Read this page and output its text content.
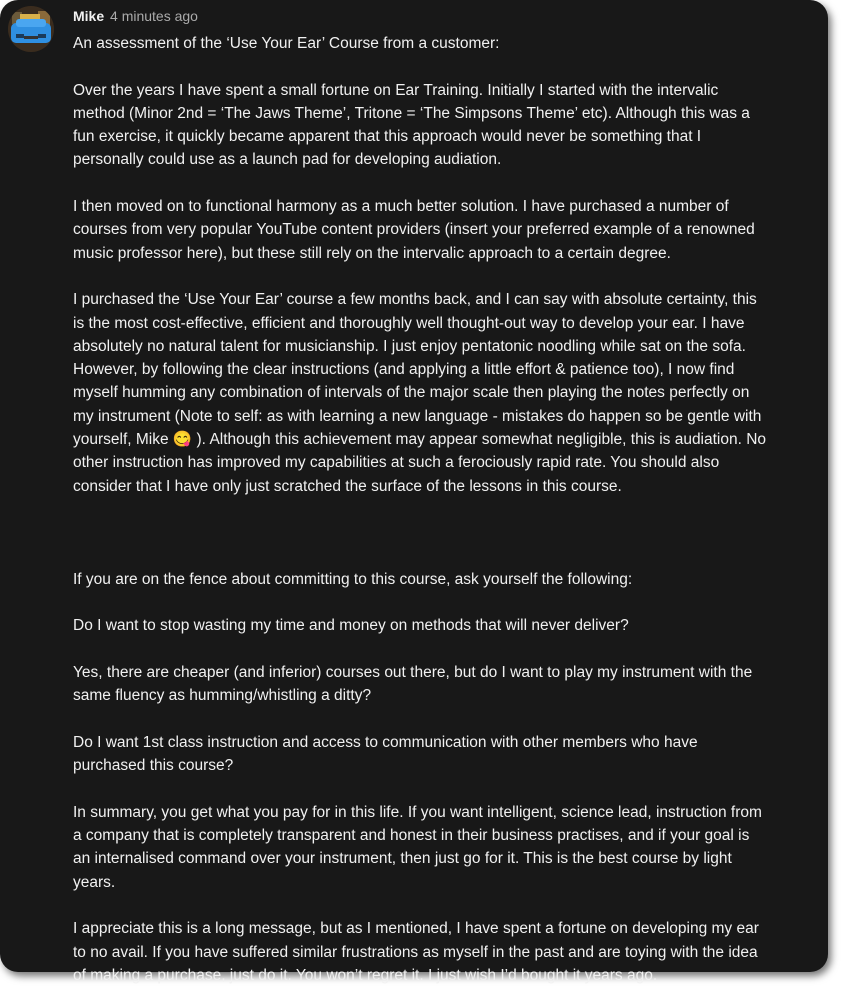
Mike 4 minutes ago
An assessment of the ‘Use Your Ear’ Course from a customer:
Over the years I have spent a small fortune on Ear Training. Initially I started with the intervalic
method (Minor 2nd = ‘The Jaws Theme’, Tritone = ‘The Simpsons Theme’ etc). Although this was a
fun exercise, it quickly became apparent that this approach would never be something that I
personally could use as a launch pad for developing audiation.
I then moved on to functional harmony as a much better solution. I have purchased a number of
courses from very popular YouTube content providers (insert your preferred example of a renowned
music professor here), but these still rely on the intervalic approach to a certain degree.
I purchased the ‘Use Your Ear’ course a few months back, and I can say with absolute certainty, this
is the most cost-effective, efficient and thoroughly well thought-out way to develop your ear. I have
absolutely no natural talent for musicianship. I just enjoy pentatonic noodling while sat on the sofa.
However, by following the clear instructions (and applying a little effort & patience too), I now find
myself humming any combination of intervals of the major scale then playing the notes perfectly on
my instrument (Note to self: as with learning a new language - mistakes do happen so be gentle with
yourself, Mike 😋 ). Although this achievement may appear somewhat negligible, this is audiation. No
other instruction has improved my capabilities at such a ferociously rapid rate. You should also
consider that I have only just scratched the surface of the lessons in this course.
If you are on the fence about committing to this course, ask yourself the following:
Do I want to stop wasting my time and money on methods that will never deliver?
Yes, there are cheaper (and inferior) courses out there, but do I want to play my instrument with the
same fluency as humming/whistling a ditty?
Do I want 1st class instruction and access to communication with other members who have
purchased this course?
In summary, you get what you pay for in this life. If you want intelligent, science lead, instruction from
a company that is completely transparent and honest in their business practises, and if your goal is
an internalised command over your instrument, then just go for it. This is the best course by light
years.
I appreciate this is a long message, but as I mentioned, I have spent a fortune on developing my ear
to no avail. If you have suffered similar frustrations as myself in the past and are toying with the idea
of making a purchase, just do it. You won’t regret it. I just wish I’d bought it years ago.
